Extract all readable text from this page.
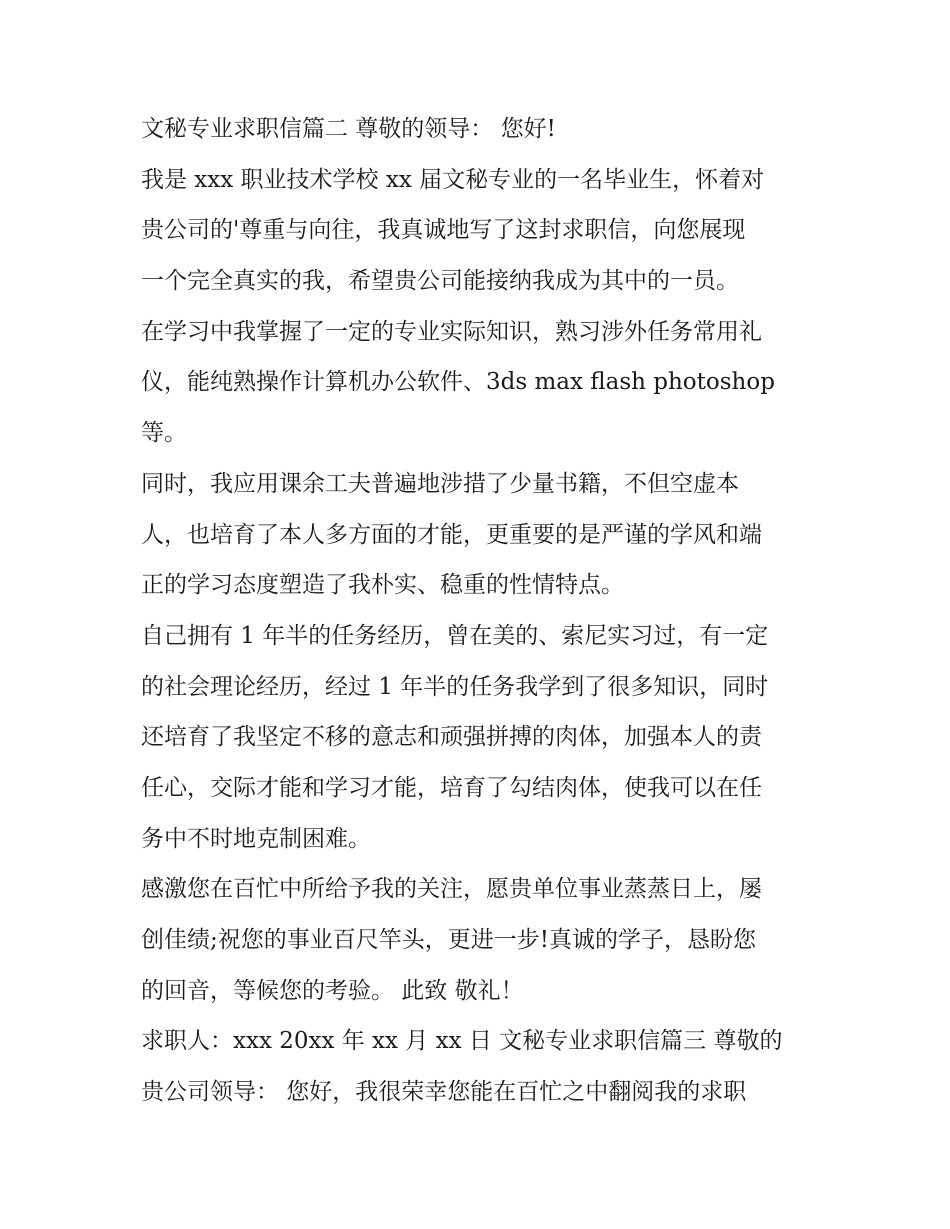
文秘专业求职信篇二 尊敬的领导： 您好!
我是 xxx 职业技术学校 xx 届文秘专业的一名毕业生，怀着对
贵公司的'尊重与向往，我真诚地写了这封求职信，向您展现
一个完全真实的我，希望贵公司能接纳我成为其中的一员。
在学习中我掌握了一定的专业实际知识，熟习涉外任务常用礼
仪，能纯熟操作计算机办公软件、3ds max flash photoshop
等。
同时，我应用课余工夫普遍地涉措了少量书籍，不但空虚本
人，也培育了本人多方面的才能，更重要的是严谨的学风和端
正的学习态度塑造了我朴实、稳重的性情特点。
自己拥有 1 年半的任务经历，曾在美的、索尼实习过，有一定
的社会理论经历，经过 1 年半的任务我学到了很多知识，同时
还培育了我坚定不移的意志和顽强拼搏的肉体，加强本人的责
任心，交际才能和学习才能，培育了勾结肉体，使我可以在任
务中不时地克制困难。
感激您在百忙中所给予我的关注，愿贵单位事业蒸蒸日上，屡
创佳绩;祝您的事业百尺竿头，更进一步!真诚的学子，恳盼您
的回音，等候您的考验。 此致 敬礼！
求职人：xxx 20xx 年 xx 月 xx 日 文秘专业求职信篇三 尊敬的
贵公司领导： 您好，我很荣幸您能在百忙之中翻阅我的求职
